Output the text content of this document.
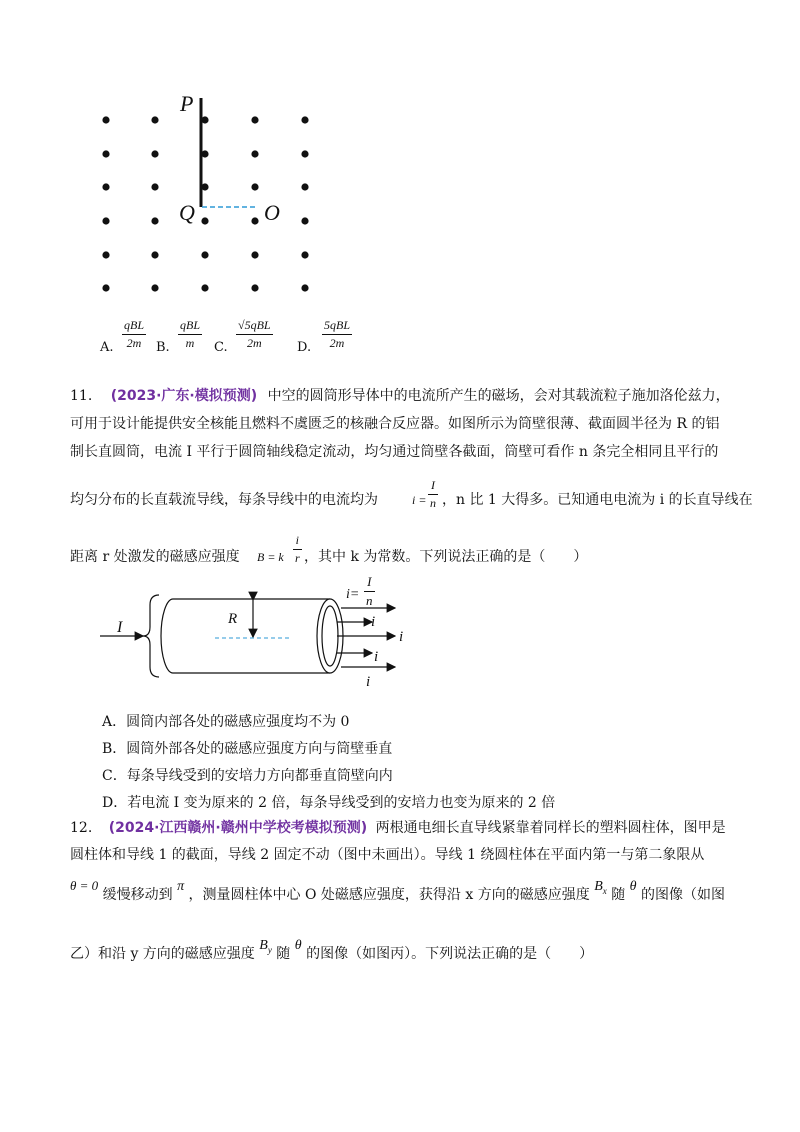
P
Q	O
A.
qBL
2m	B.
qBL
m	C.
√5qBL
2m	D.
5qBL
2m
11. (2023·广东·模拟预测) 中空的圆筒形导体中的电流所产生的磁场，会对其载流粒子施加洛伦兹力，
可用于设计能提供安全核能且燃料不虞匮乏的核融合反应器。如图所示为筒壁很薄、截面圆半径为 R 的铝
制长直圆筒，电流 I 平行于圆筒轴线稳定流动，均匀通过筒壁各截面，筒壁可看作 n 条完全相同且平行的
均匀分布的长直载流导线，每条导线中的电流均为	i =
I
n ，n 比 1 大得多。已知通电电流为 i 的长直导线在
距离 r 处激发的磁感应强度 B = k
i
r ，其中 k 为常数。下列说法正确的是（　　）
I	R
i=
I
n
i
i
i
i
A．圆筒内部各处的磁感应强度均不为 0
B．圆筒外部各处的磁感应强度方向与筒壁垂直
C．每条导线受到的安培力方向都垂直筒壁向内
D．若电流 I 变为原来的 2 倍，每条导线受到的安培力也变为原来的 2 倍
12. (2024·江西赣州·赣州中学校考模拟预测) 两根通电细长直导线紧靠着同样长的塑料圆柱体，图甲是
圆柱体和导线 1 的截面，导线 2 固定不动（图中未画出）。导线 1 绕圆柱体在平面内第一与第二象限从
θ = 0 缓慢移动到 π ，测量圆柱体中心 O 处磁感应强度，获得沿 x 方向的磁感应强度 $B_x$ 随 θ 的图像（如图
乙）和沿 y 方向的磁感应强度 $B_y$ 随 θ 的图像（如图丙）。下列说法正确的是（　　）
